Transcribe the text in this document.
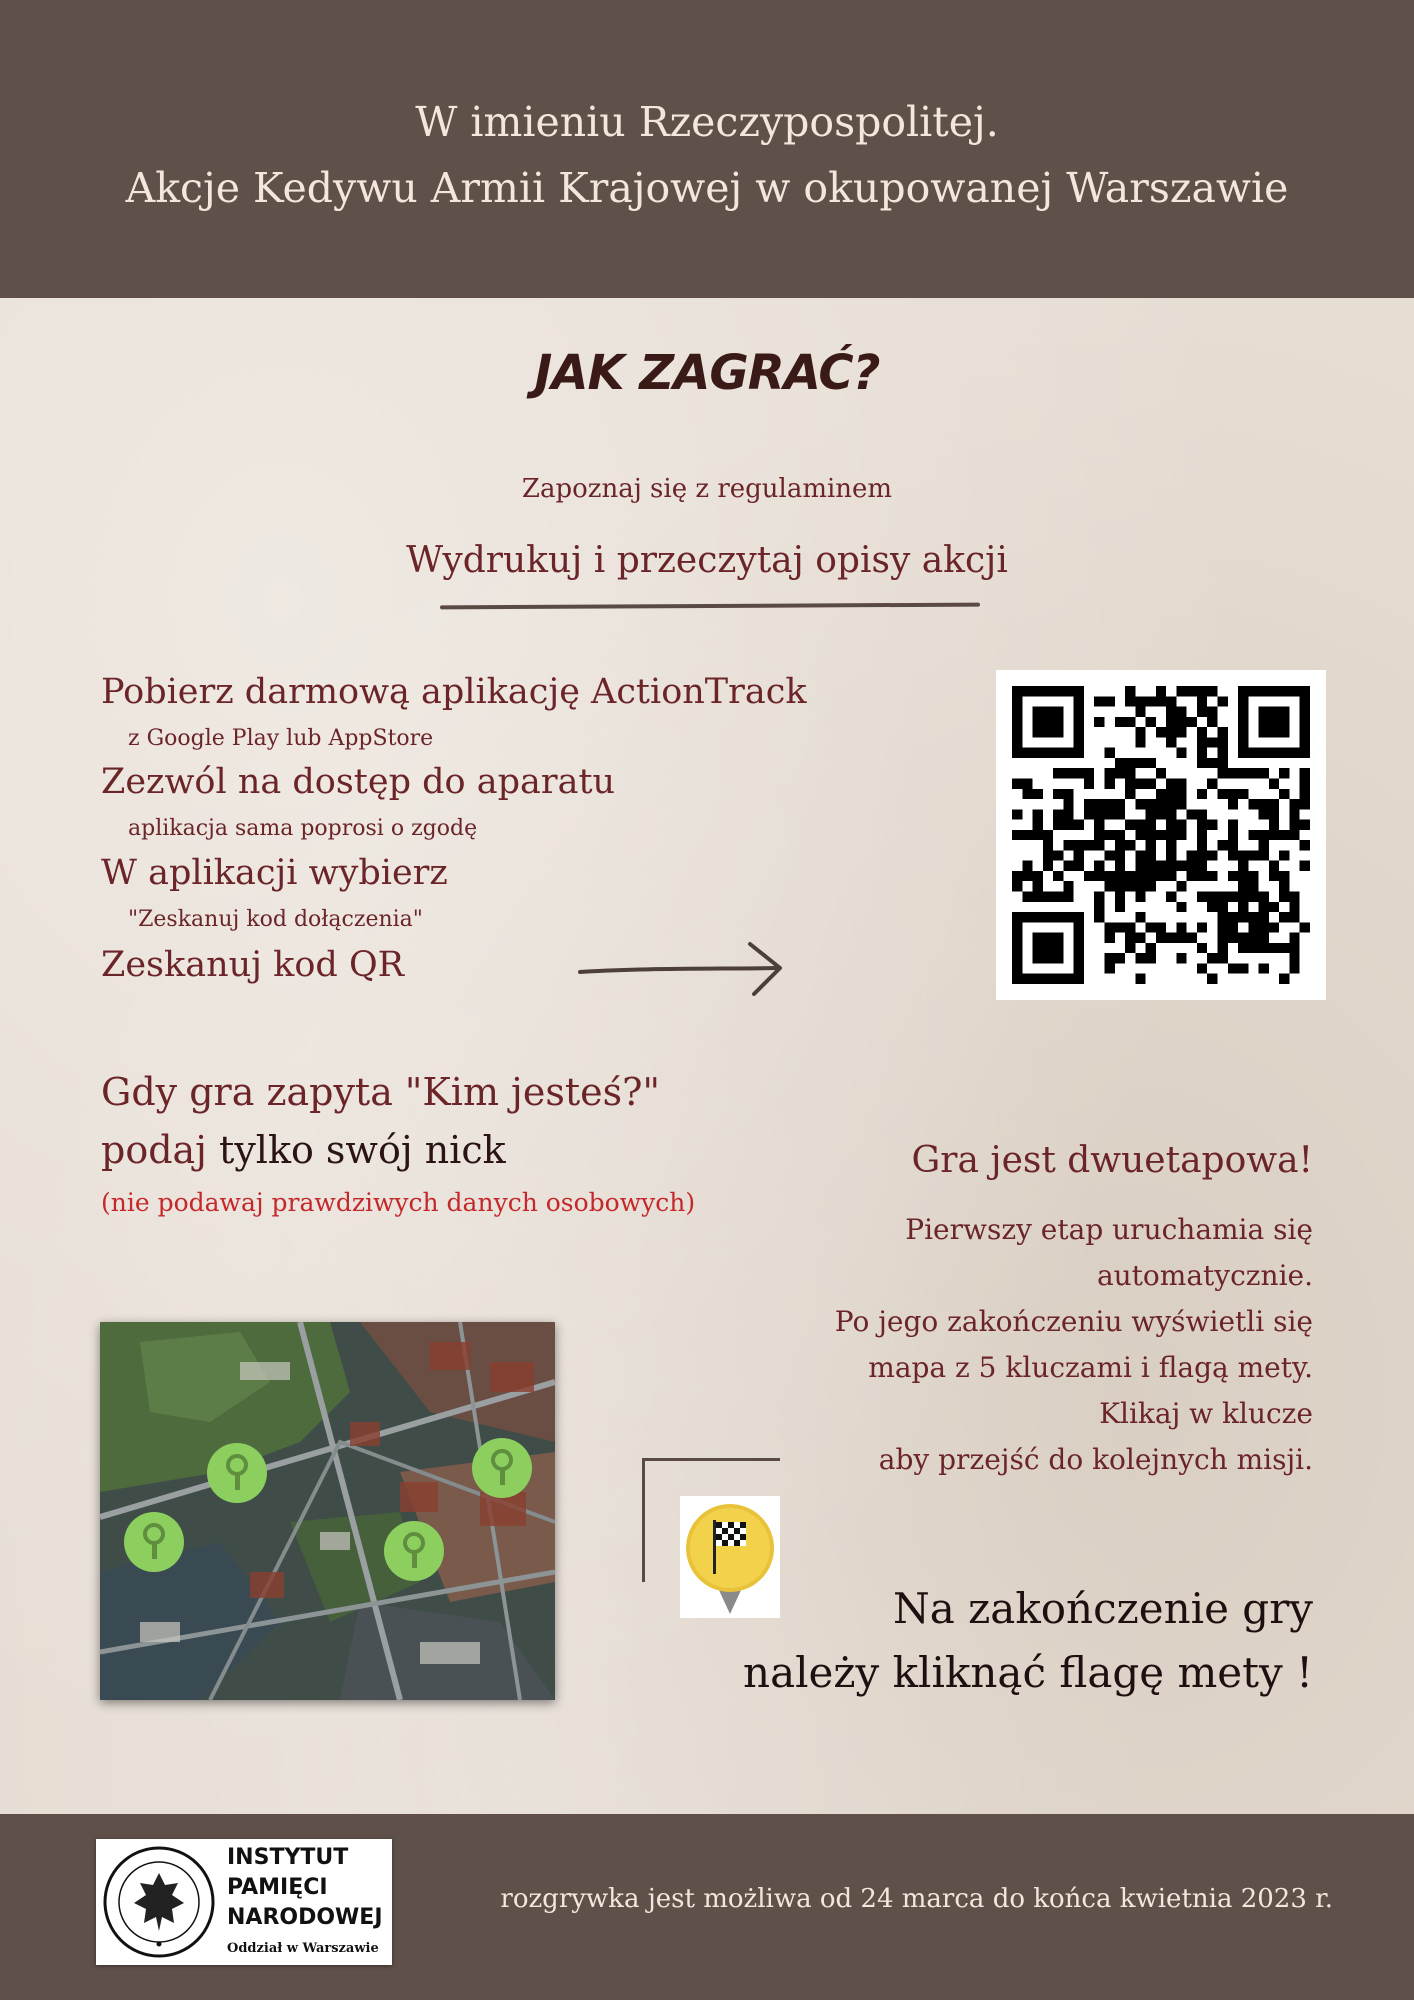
W imieniu Rzeczypospolitej.
Akcje Kedywu Armii Krajowej w okupowanej Warszawie
JAK ZAGRAĆ?
Zapoznaj się z regulaminem
Wydrukuj i przeczytaj opisy akcji
Pobierz darmową aplikację ActionTrack
z Google Play lub AppStore
Zezwól na dostęp do aparatu
aplikacja sama poprosi o zgodę
W aplikacji wybierz
"Zeskanuj kod dołączenia"
Zeskanuj kod QR
Gdy gra zapyta "Kim jesteś?"
podaj tylko swój nick
(nie podawaj prawdziwych danych osobowych)
Gra jest dwuetapowa!
Pierwszy etap uruchamia się
automatycznie.
Po jego zakończeniu wyświetli się
mapa z 5 kluczami i flagą mety.
Klikaj w klucze
aby przejść do kolejnych misji.
Na zakończenie gry
należy kliknąć flagę mety !
INSTYTUT
PAMIĘCI
NARODOWEJ
Oddział w Warszawie
rozgrywka jest możliwa od 24 marca do końca kwietnia 2023 r.
